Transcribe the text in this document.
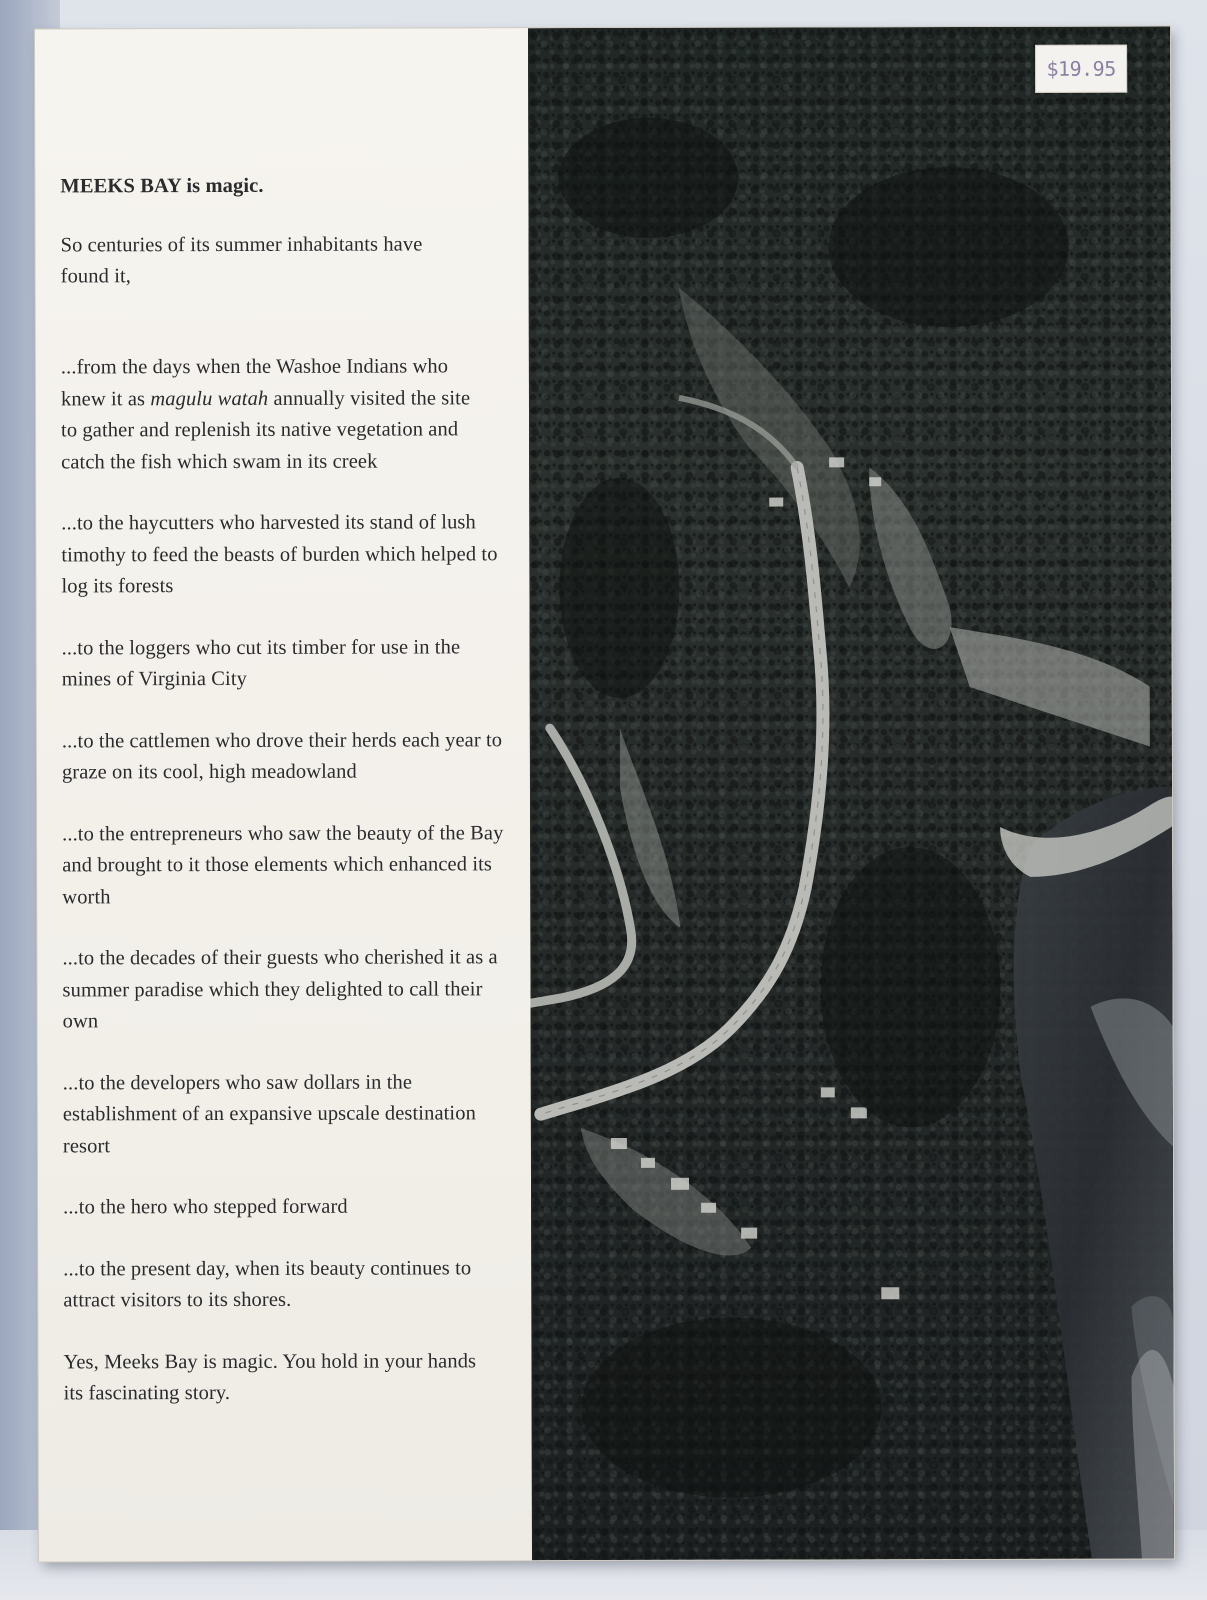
MEEKS BAY is magic.

So centuries of its summer inhabitants have found it,

...from the days when the Washoe Indians who knew it as magulu watah annually visited the site to gather and replenish its native vegetation and catch the fish which swam in its creek

...to the haycutters who harvested its stand of lush timothy to feed the beasts of burden which helped to log its forests

...to the loggers who cut its timber for use in the mines of Virginia City

...to the cattlemen who drove their herds each year to graze on its cool, high meadowland

...to the entrepreneurs who saw the beauty of the Bay and brought to it those elements which enhanced its worth

...to the decades of their guests who cherished it as a summer paradise which they delighted to call their own

...to the developers who saw dollars in the establishment of an expansive upscale destination resort

...to the hero who stepped forward

...to the present day, when its beauty continues to attract visitors to its shores.

Yes, Meeks Bay is magic. You hold in your hands its fascinating story.

$19.95
